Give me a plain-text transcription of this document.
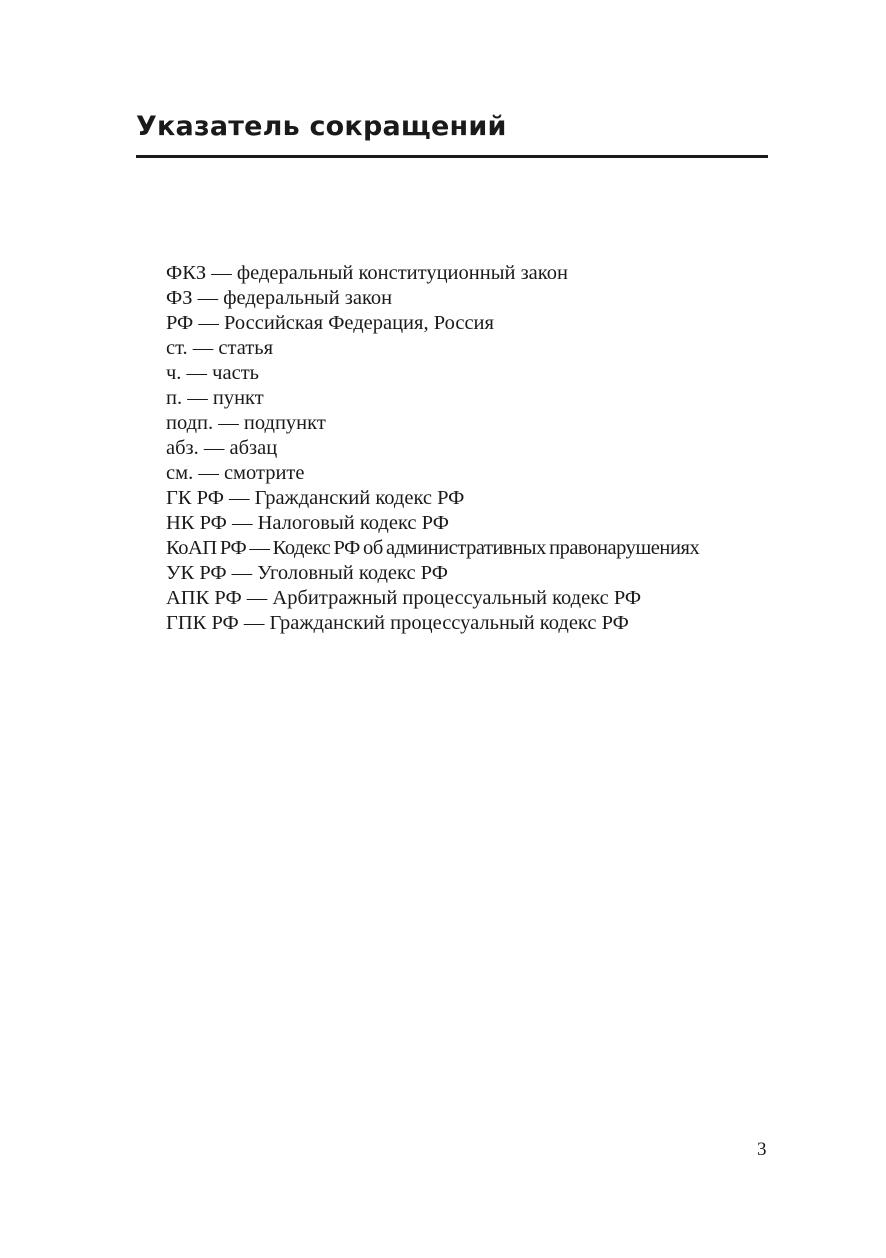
Указатель сокращений
ФКЗ — федеральный конституционный закон
ФЗ — федеральный закон
РФ — Российская Федерация, Россия
ст. — статья
ч. — часть
п. — пункт
подп. — подпункт
абз. — абзац
см. — смотрите
ГК РФ — Гражданский кодекс РФ
НК РФ — Налоговый кодекс РФ
КоАП РФ — Кодекс РФ об административных правонарушениях
УК РФ — Уголовный кодекс РФ
АПК РФ — Арбитражный процессуальный кодекс РФ
ГПК РФ — Гражданский процессуальный кодекс РФ
3
